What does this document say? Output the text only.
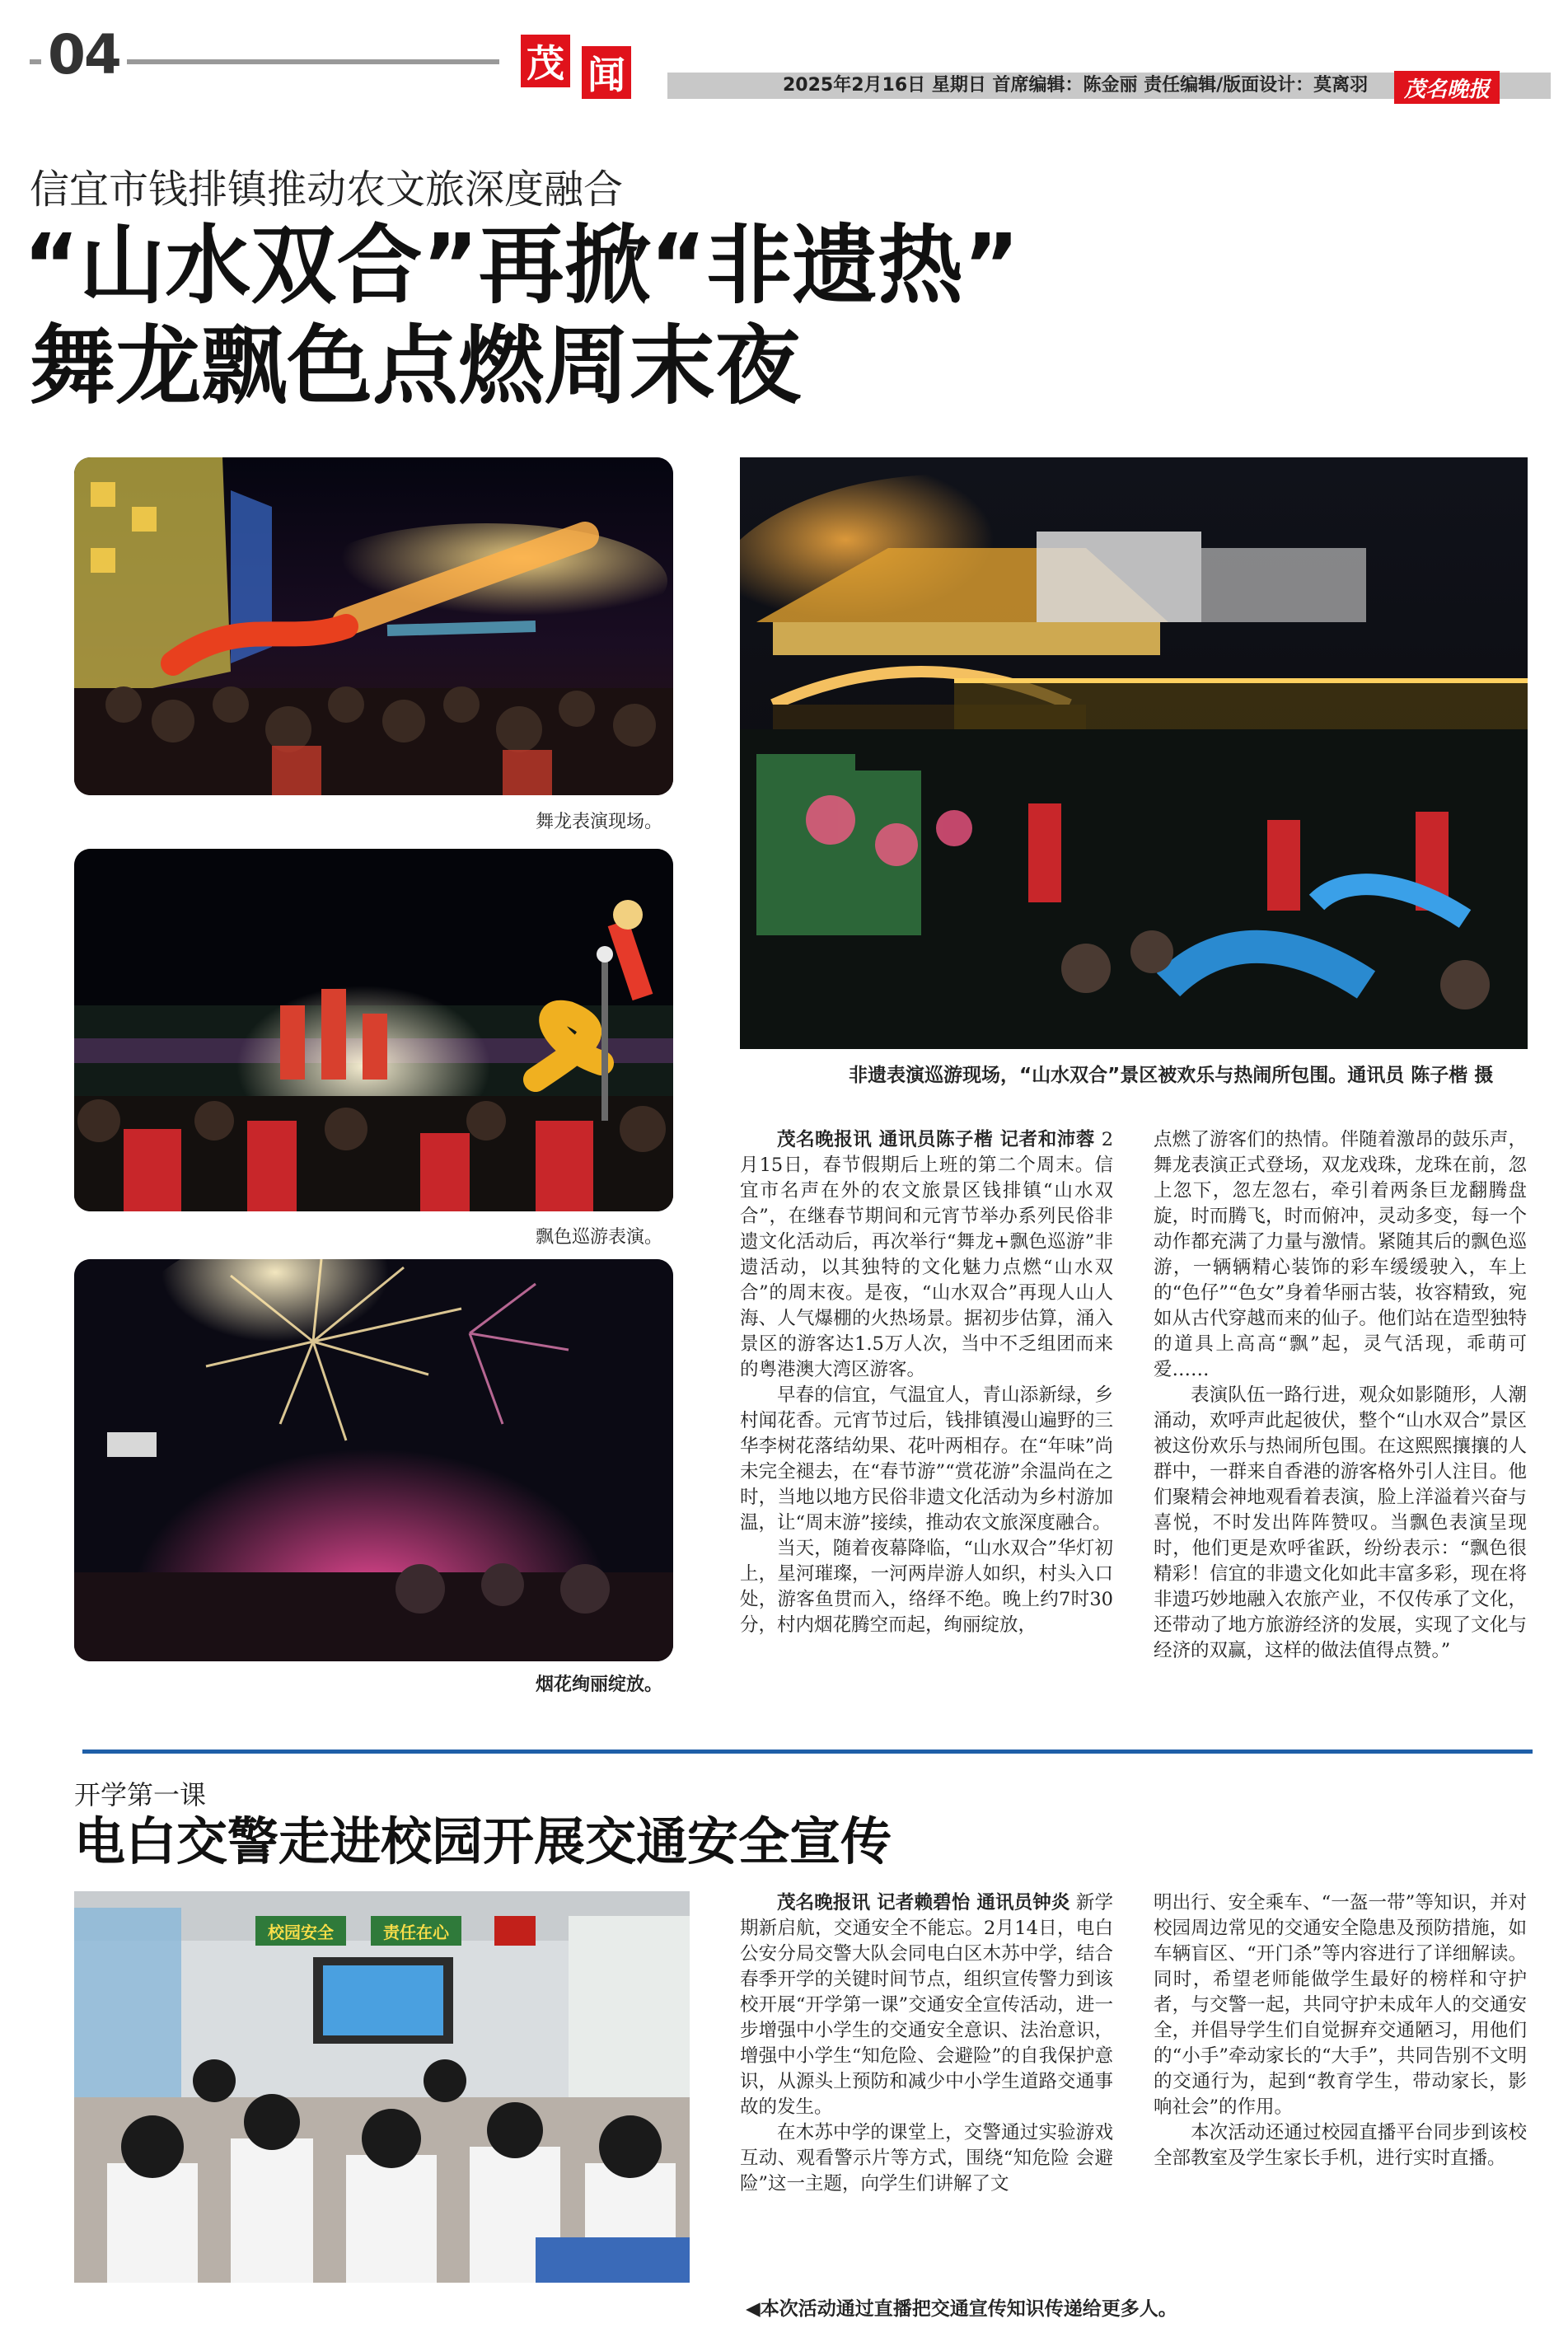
04	茂 闻	2025年2月16日 星期日 首席编辑：陈金丽 责任编辑/版面设计：莫离羽 茂名晚报
信宜市钱排镇推动农文旅深度融合
“山水双合”再掀“非遗热”
舞龙飘色点燃周末夜
舞龙表演现场。
飘色巡游表演。
烟花绚丽绽放。
非遗表演巡游现场，“山水双合”景区被欢乐与热闹所包围。通讯员 陈子楷 摄

茂名晚报讯 通讯员陈子楷 记者和沛蓉 2月15日，春节假期后上班的第二个周末。信宜市名声在外的农文旅景区钱排镇“山水双合”，在继春节期间和元宵节举办系列民俗非遗文化活动后，再次举行“舞龙+飘色巡游”非遗活动，以其独特的文化魅力点燃“山水双合”的周末夜。是夜，“山水双合”再现人山人海、人气爆棚的火热场景。据初步估算，涌入景区的游客达1.5万人次，当中不乏组团而来的粤港澳大湾区游客。

早春的信宜，气温宜人，青山添新绿，乡村闻花香。元宵节过后，钱排镇漫山遍野的三华李树花落结幼果、花叶两相存。在“年味”尚未完全褪去，在“春节游”“赏花游”余温尚在之时，当地以地方民俗非遗文化活动为乡村游加温，让“周末游”接续，推动农文旅深度融合。

当天，随着夜幕降临，“山水双合”华灯初上，星河璀璨，一河两岸游人如织，村头入口处，游客鱼贯而入，络绎不绝。晚上约7时30分，村内烟花腾空而起，绚丽绽放，

点燃了游客们的热情。伴随着激昂的鼓乐声，舞龙表演正式登场，双龙戏珠，龙珠在前，忽上忽下，忽左忽右，牵引着两条巨龙翻腾盘旋，时而腾飞，时而俯冲，灵动多变，每一个动作都充满了力量与激情。紧随其后的飘色巡游，一辆辆精心装饰的彩车缓缓驶入，车上的“色仔”“色女”身着华丽古装，妆容精致，宛如从古代穿越而来的仙子。他们站在造型独特的道具上高高“飘”起，灵气活现，乖萌可爱……

表演队伍一路行进，观众如影随形，人潮涌动，欢呼声此起彼伏，整个“山水双合”景区被这份欢乐与热闹所包围。在这熙熙攘攘的人群中，一群来自香港的游客格外引人注目。他们聚精会神地观看着表演，脸上洋溢着兴奋与喜悦，不时发出阵阵赞叹。当飘色表演呈现时，他们更是欢呼雀跃，纷纷表示：“飘色很精彩！信宜的非遗文化如此丰富多彩，现在将非遗巧妙地融入农旅产业，不仅传承了文化，还带动了地方旅游经济的发展，实现了文化与经济的双赢，这样的做法值得点赞。”

开学第一课
电白交警走进校园开展交通安全宣传
校园安全	责任在心

茂名晚报讯 记者赖碧怡 通讯员钟炎 新学期新启航，交通安全不能忘。2月14日，电白公安分局交警大队会同电白区木苏中学，结合春季开学的关键时间节点，组织宣传警力到该校开展“开学第一课”交通安全宣传活动，进一步增强中小学生的交通安全意识、法治意识，增强中小学生“知危险、会避险”的自我保护意识，从源头上预防和减少中小学生道路交通事故的发生。

在木苏中学的课堂上，交警通过实验游戏互动、观看警示片等方式，围绕“知危险 会避险”这一主题，向学生们讲解了文

明出行、安全乘车、“一盔一带”等知识，并对校园周边常见的交通安全隐患及预防措施，如车辆盲区、“开门杀”等内容进行了详细解读。同时，希望老师能做学生最好的榜样和守护者，与交警一起，共同守护未成年人的交通安全，并倡导学生们自觉摒弃交通陋习，用他们的“小手”牵动家长的“大手”，共同告别不文明的交通行为，起到“教育学生，带动家长，影响社会”的作用。

本次活动还通过校园直播平台同步到该校全部教室及学生家长手机，进行实时直播。

◀本次活动通过直播把交通宣传知识传递给更多人。
